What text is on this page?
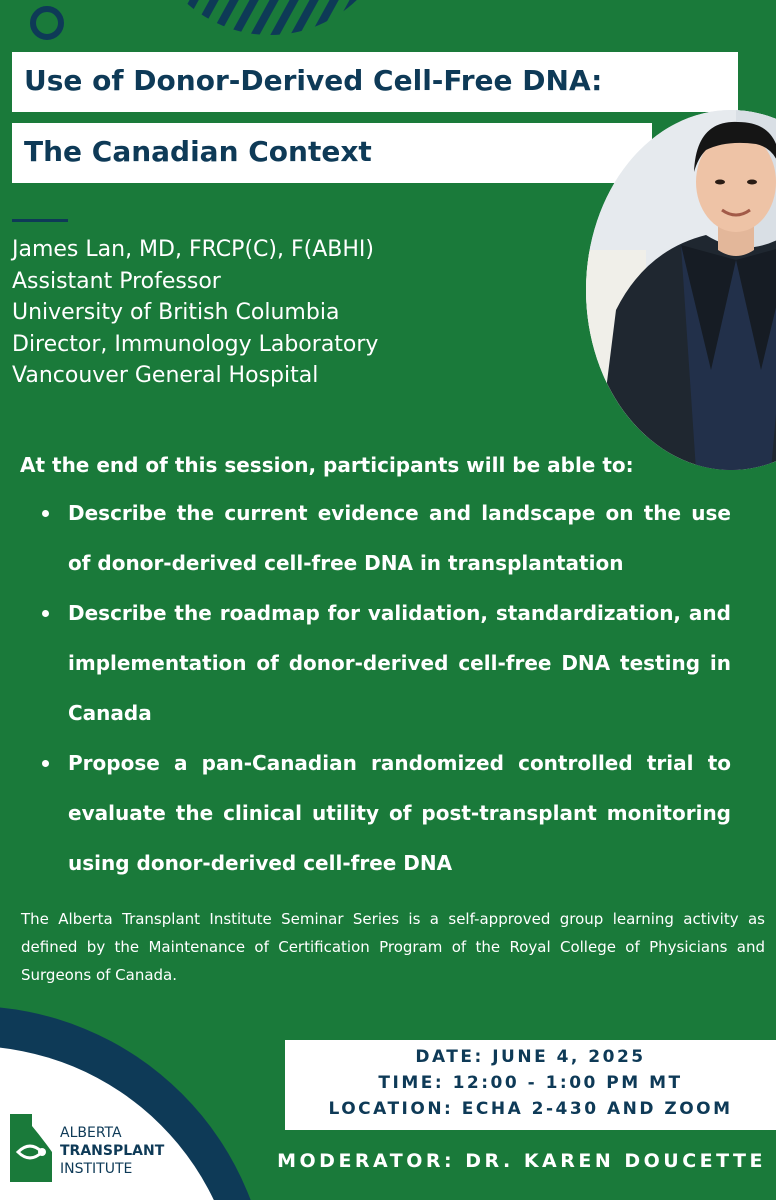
Use of Donor-Derived Cell-Free DNA:
The Canadian Context
James Lan, MD, FRCP(C), F(ABHI)
Assistant Professor
University of British Columbia
Director, Immunology Laboratory
Vancouver General Hospital
At the end of this session, participants will be able to:
Describe the current evidence and landscape on the use of donor-derived cell-free DNA in transplantation
Describe the roadmap for validation, standardization, and implementation of donor-derived cell-free DNA testing in Canada
Propose a pan-Canadian randomized controlled trial to evaluate the clinical utility of post-transplant monitoring using donor-derived cell-free DNA
The Alberta Transplant Institute Seminar Series is a self-approved group learning activity as defined by the Maintenance of Certification Program of the Royal College of Physicians and Surgeons of Canada.
ALBERTA
TRANSPLANT
INSTITUTE
DATE: JUNE 4, 2025
TIME: 12:00 - 1:00 PM MT
LOCATION: ECHA 2-430 AND ZOOM
MODERATOR: DR. KAREN DOUCETTE
